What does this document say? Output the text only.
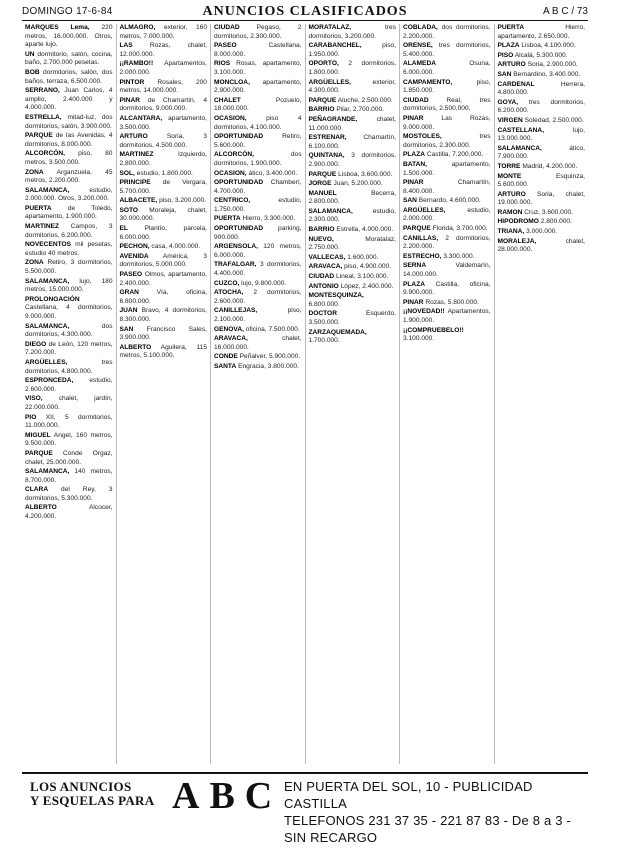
DOMINGO 17-6-84	ANUNCIOS CLASIFICADOS	A B C / 73
MARQUES Lema, 220 metros, 16.000.000. Otros, aparte lujo.
UN dormitorio, salón, cocina, baño, 2.700.000 pesetas.
BOB dormitorios, salón, dos baños, terraza, 6.500.000.
SERRANO, Juan Carlos, 4 amplio, 2.400.000 y 4.000.000.
ESTRELLA, mitad-luz, dos dormitorios, salón, 3.900.000.
PARQUE de las Avenidas, 4 dormitorios, 8.000.000.
ALCORCÓN, piso, 80 metros, 3.500.000.
ZONA Arganzuela, 45 metros, 2.200.000.
SALAMANCA,	estudio, 2.000.000. Otros, 3.200.000.
PUERTA de Toledo, apartamento, 1.900.000.
MARTINEZ Campos, 3 dormitorios, 6.200.000.
NOVECENTOS mil pesetas, estudio 40 metros.
ZONA Retiro, 3 dormitorios, 5.500.000.
SALAMANCA, lujo, 180 metros, 15.000.000.
PROLONGACIÓN Castellana, 4 dormitorios, 9.000.000.
SALAMANCA,	dos dormitorios, 4.300.000.
DIEGO de León, 120 metros, 7.200.000.
ARGÜELLES,	tres dormitorios, 4.800.000.
ESPRONCEDA, estudio, 2.600.000.
VISO, chalet, jardín, 22.000.000.
PIO XII, 5 dormitorios, 11.000.000.
MIGUEL Angel, 160 metros, 9.500.000.
PARQUE Conde Orgaz, chalet, 25.000.000.
SALAMANCA, 140 metros, 8.700.000.
CLARA del Rey, 3 dormitorios, 5.300.000.
ALBERTO	Alcocer, 4.200.000.
ALMAGRO, exterior, 160 metros, 7.000.000.
LAS	Rozas, chalet, 12.000.000.
¡¡RAMBO!! Apartamentos, 2.000.000.
PINTOR Rosales, 200 metros, 14.000.000.
PINAR de Chamartín, 4 dormitorios, 9.000.000.
ALCANTARA, apartamento, 3.500.000.
ARTURO	Soria, 3 dormitorios, 4.500.000.
MARTINEZ	Izquierdo, 2.800.000.
SOL, estudio, 1.800.000.
PRINCIPE de Vergara, 5.700.000.
ALBACETE, piso, 3.200.000.
SOTO Moraleja, chalet, 30.000.000.
EL	Plantío, parcela, 6.000.000.
PECHON, casa, 4.000.000.
AVENIDA América, 3 dormitorios, 5.000.000.
PASEO Olmos, apartamento, 2.400.000.
GRAN	Vía, oficina, 6.800.000.
JUAN Bravo, 4 dormitorios, 8.300.000.
SAN Francisco Sales, 3.900.000.
ALBERTO Aguilera, 115 metros, 5.100.000.
CIUDAD	Pegaso, 2 dormitorios, 2.300.000.
PASEO	Castellana, 8.000.000.
RIOS Rosas, apartamento, 3.100.000.
MONCLOA, apartamento, 2.900.000.
CHALET	Pozuelo, 18.000.000.
OCASION,	piso 4 dormitorios, 4.100.000.
OPORTUNIDAD	Retiro, 5.600.000.
ALCORCÓN,	dos dormitorios, 1.900.000.
OCASION, ático, 3.400.000.
OPORTUNIDAD Chamberí, 4.700.000.
CENTRICO,	estudio, 1.750.000.
PUERTA Hierro, 3.300.000.
OPORTUNIDAD parking, 900.000.
ARGENSOLA, 120 metros, 6.000.000.
TRAFALGAR, 3 dormitorios, 4.400.000.
CUZCO, lujo, 9.800.000.
ATOCHA, 2 dormitorios, 2.600.000.
CANILLEJAS,	piso, 2.100.000.
GENOVA, oficina, 7.500.000.
ARAVACA,	chalet, 16.000.000.
CONDE Peñalver, 5.900.000.
SANTA Engracia, 3.800.000.
MORATALAZ,	tres dormitorios, 3.200.000.
CARABANCHEL,	piso, 1.950.000.
OPORTO, 2 dormitorios, 1.800.000.
ARGÜELLES,	exterior, 4.300.000.
PARQUE Aluche, 2.500.000.
BARRIO Pilar, 2.700.000.
PEÑAGRANDE,	chalet, 11.000.000.
ESTRENAR,	Chamartín, 6.100.000.
QUINTANA, 3 dormitorios, 2.900.000.
PARQUE Lisboa, 3.600.000.
JORGE Juan, 5.200.000.
MANUEL	Becerra, 2.800.000.
SALAMANCA,	estudio, 2.300.000.
BARRIO Estrella, 4.000.000.
NUEVO,	Moratalaz, 2.750.000.
VALLECAS, 1.600.000.
ARAVACA, piso, 4.900.000.
CIUDAD Lineal, 3.100.000.
ANTONIO López, 2.400.000.
MONTESQUINZA, 6.800.000.
DOCTOR	Esquerdo, 3.500.000.
ZARZAQUEMADA, 1.700.000.
COBLADA, dos dormitorios, 2.200.000.
ORENSE, tres dormitorios, 5.400.000.
ALAMEDA	Osuna, 6.000.000.
CAMPAMENTO,	piso, 1.850.000.
CIUDAD	Real, tres dormitorios, 2.500.000.
PINAR	Las Rozas, 9.000.000.
MOSTOLES,	tres dormitorios, 2.300.000.
PLAZA Castilla, 7.200.000.
BATAN,	apartamento, 1.500.000.
PINAR	Chamartín, 8.400.000.
SAN Bernardo, 4.600.000.
ARGÜELLES,	estudio, 2.000.000.
PARQUE Florida, 3.700.000.
CANILLAS, 2 dormitorios, 2.200.000.
ESTRECHO, 3.300.000.
SERNA	Valdemarín, 14.000.000.
PLAZA Castilla, oficina, 9.900.000.
PINAR Rozas, 5.800.000.
¡¡NOVEDAD!! Apartamentos, 1.900.000.
¡¡COMPRUEBELO!! 3.100.000.
PUERTA	Hierro, apartamento, 2.650.000.
PLAZA Lisboa, 4.100.000.
PISO Alcalá, 5.300.000.
ARTURO Soria, 2.900.000.
SAN Bernardino, 3.400.000.
CARDENAL	Herrera, 4.800.000.
GOYA, tres dormitorios, 6.200.000.
VIRGEN Soledad, 2.500.000.
CASTELLANA,	lujo, 13.000.000.
SALAMANCA,	ático, 7.900.000.
TORRE Madrid, 4.200.000.
MONTE	Esquinza, 5.600.000.
ARTURO Soria, chalet, 19.000.000.
RAMON Cruz, 3.600.000.
HIPODROMO 2.800.000.
TRIANA, 3.000.000.
MORALEJA,	chalet, 28.000.000.
LOS ANUNCIOS
Y ESQUELAS PARA ABC EN PUERTA DEL SOL, 10 - PUBLICIDAD CASTILLA
TELEFONOS 231 37 35 - 221 87 83 - De 8 a 3 - SIN RECARGO
